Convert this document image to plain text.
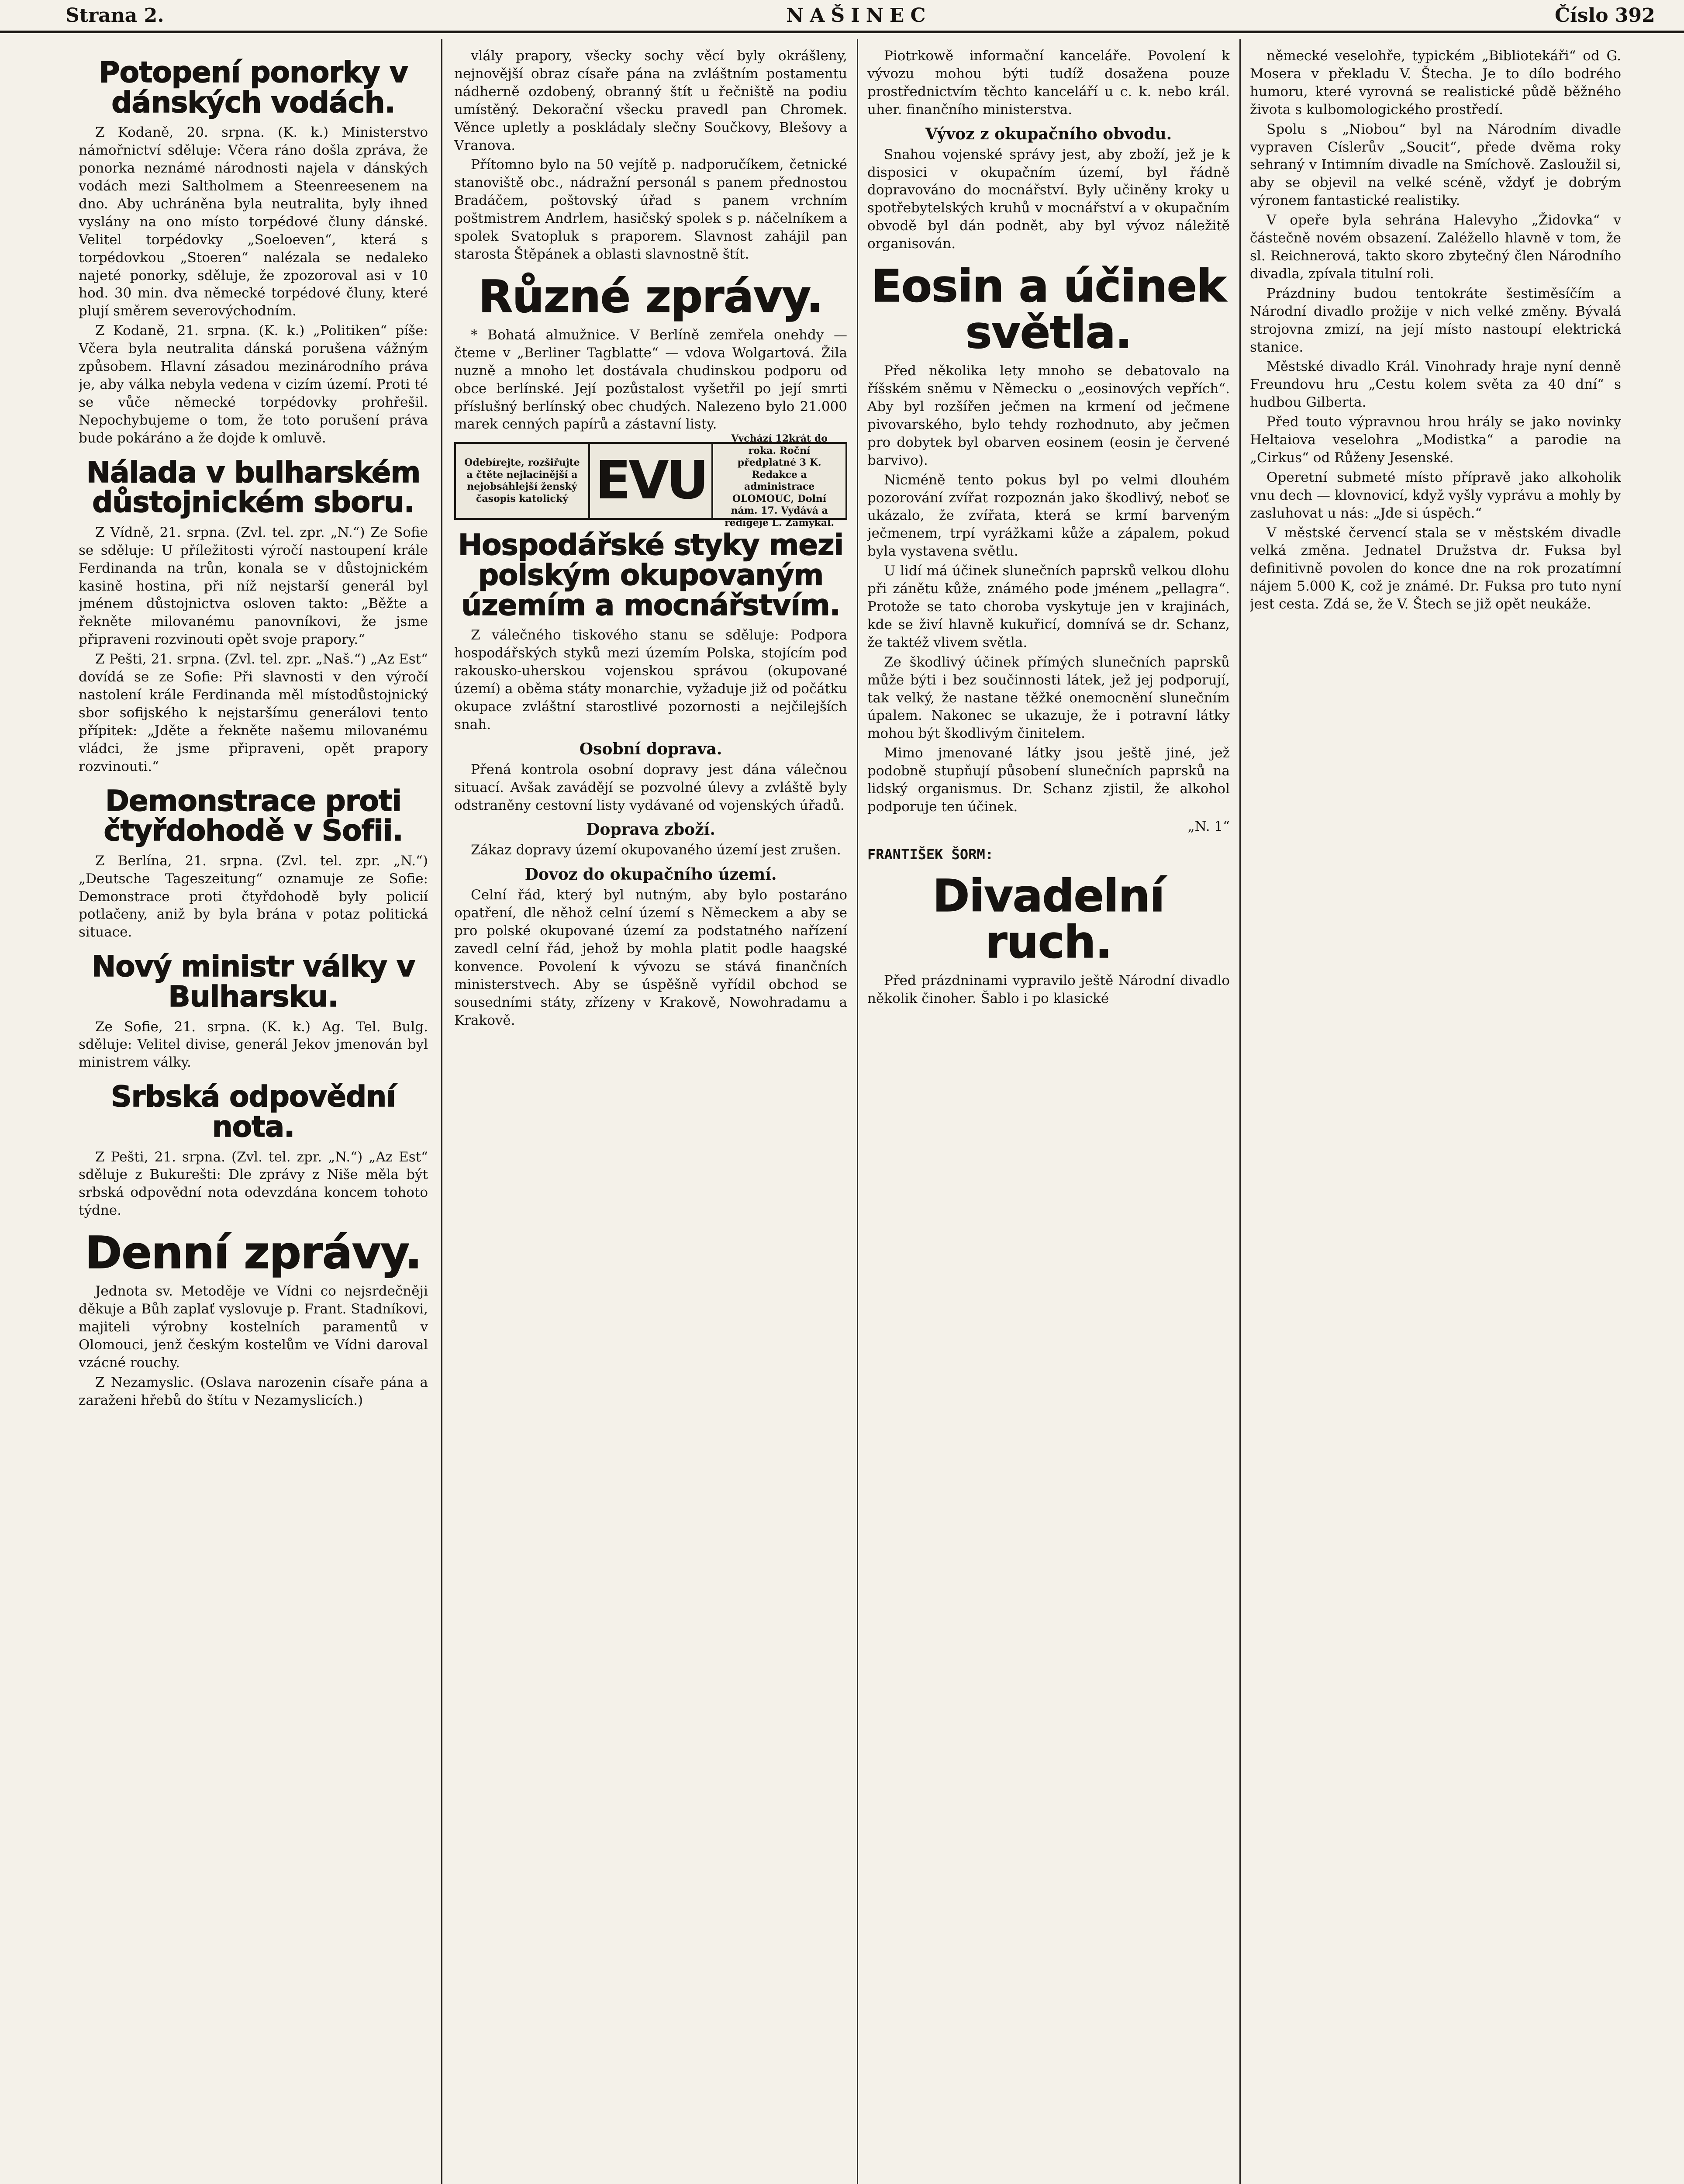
Strana 2.	NAŠINEC	Číslo 392
Potopení ponorky v dánských vodách.

Z Kodaně, 20. srpna. (K. k.) Ministerstvo námořnictví sděluje: Včera ráno došla zpráva, že ponorka neznámé národnosti najela v dánských vodách mezi Saltholmem a Steenreesenem na dno. Aby uchráněna byla neutralita, byly ihned vyslány na ono místo torpédové čluny dánské. Velitel torpédovky „Soeloeven“, která s torpédovkou „Stoeren“ nalézala se nedaleko najeté ponorky, sděluje, že zpozoroval asi v 10 hod. 30 min. dva německé torpédové čluny, které plují směrem severovýchodním.

Z Kodaně, 21. srpna. (K. k.) „Politiken“ píše: Včera byla neutralita dánská porušena vážným způsobem. Hlavní zásadou mezinárodního práva je, aby válka nebyla vedena v cizím území. Proti té se vůče německé torpédovky prohřešil. Nepochybujeme o tom, že toto porušení práva bude pokáráno a že dojde k omluvě.

Nálada v bulharském důstojnickém sboru.

Z Vídně, 21. srpna. (Zvl. tel. zpr. „N.“) Ze Sofie se sděluje: U příležitosti výročí nastoupení krále Ferdinanda na trůn, konala se v důstojnickém kasině hostina, při níž nejstarší generál byl jménem důstojnictva osloven takto: „Běžte a řekněte milovanému panovníkovi, že jsme připraveni rozvinouti opět svoje prapory.“

Z Pešti, 21. srpna. (Zvl. tel. zpr. „Naš.“) „Az Est“ dovídá se ze Sofie: Při slavnosti v den výročí nastolení krále Ferdinanda měl místodůstojnický sbor sofijského k nejstaršímu generálovi tento přípitek: „Jděte a řekněte našemu milovanému vládci, že jsme připraveni, opět prapory rozvinouti.“

Demonstrace proti čtyřdohodě v Sofii.

Z Berlína, 21. srpna. (Zvl. tel. zpr. „N.“) „Deutsche Tageszeitung“ oznamuje ze Sofie: Demonstrace proti čtyřdohodě byly policií potlačeny, aniž by byla brána v potaz politická situace.

Nový ministr války v Bulharsku.

Ze Sofie, 21. srpna. (K. k.) Ag. Tel. Bulg. sděluje: Velitel divise, generál Jekov jmenován byl ministrem války.

Srbská odpovědní nota.

Z Pešti, 21. srpna. (Zvl. tel. zpr. „N.“) „Az Est“ sděluje z Bukurešti: Dle zprávy z Niše měla být srbská odpovědní nota odevzdána koncem tohoto týdne.

Denní zprávy.

Jednota sv. Metoděje ve Vídni co nejsrdečněji děkuje a Bůh zaplať vyslovuje p. Frant. Stadníkovi, majiteli výrobny kostelních paramentů v Olomouci, jenž českým kostelům ve Vídni daroval vzácné rouchy.

Z Nezamyslic. (Oslava narozenin císaře pána a zaraženi hřebů do štítu v Nezamyslicích.)

vlály prapory, všecky sochy věcí byly okrášleny, nejnovější obraz císaře pána na zvláštním postamentu nádherně ozdobený, obranný štít u řečniště na podiu umístěný. Dekorační všecku pravedl pan Chromek. Věnce upletly a poskládaly slečny Součkovy, Blešovy a Vranova.

Přítomno bylo na 50 vejítě p. nadporučíkem, četnické stanoviště obc., nádražní personál s panem přednostou Bradáčem, poštovský úřad s panem vrchním poštmistrem Andrlem, hasičský spolek s p. náčelníkem a spolek Svatopluk s praporem. Slavnost zahájil pan starosta Štěpánek a oblasti slavnostně štít.

Různé zprávy.

* Bohatá almužnice. V Berlíně zemřela onehdy — čteme v „Berliner Tagblatte“ — vdova Wolgartová. Žila nuzně a mnoho let dostávala chudinskou podporu od obce berlínské. Její pozůstalost vyšetřil po její smrti příslušný berlínský obec chudých. Nalezeno bylo 21.000 marek cenných papírů a zástavní listy.

Odebírejte, rozšiřujte a čtěte nejlacinější a nejobsáhlejší ženský časopis katolický EVU
Vychází 12krát do roka. Roční předplatné 3 K. Redakce a administrace OLOMOUC, Dolní nám. 17. Vydává a redigeje L. Zamykal.
Hospodářské styky mezi polským okupovaným územím a mocnářstvím.

Z válečného tiskového stanu se sděluje: Podpora hospodářských styků mezi územím Polska, stojícím pod rakousko-uherskou vojenskou správou (okupované území) a oběma státy monarchie, vyžaduje již od počátku okupace zvláštní starostlivé pozornosti a nejčilejších snah.

Osobní doprava.

Přená kontrola osobní dopravy jest dána válečnou situací. Avšak zavádějí se pozvolné úlevy a zvláště byly odstraněny cestovní listy vydávané od vojenských úřadů.

Doprava zboží.

Zákaz dopravy území okupovaného území jest zrušen.

Dovoz do okupačního území.

Celní řád, který byl nutným, aby bylo postaráno opatření, dle něhož celní území s Německem a aby se pro polské okupované území za podstatného nařízení zavedl celní řád, jehož by mohla platit podle haagské konvence. Povolení k vývozu se stává finančních ministerstvech. Aby se úspěšně vyřídil obchod se sousedními státy, zřízeny v Krakově, Nowohradamu a Krakově.

Piotrkowě informační kanceláře. Povolení k vývozu mohou býti tudíž dosažena pouze prostřednictvím těchto kanceláří u c. k. nebo král. uher. finančního ministerstva.

Vývoz z okupačního obvodu.

Snahou vojenské správy jest, aby zboží, jež je k disposici v okupačním území, byl řádně dopravováno do mocnářství. Byly učiněny kroky u spotřebytelských kruhů v mocnářství a v okupačním obvodě byl dán podnět, aby byl vývoz náležitě organisován.

Eosin a účinek světla.

Před několika lety mnoho se debatovalo na říšském sněmu v Německu o „eosinových vepřích“. Aby byl rozšířen ječmen na krmení od ječmene pivovarského, bylo tehdy rozhodnuto, aby ječmen pro dobytek byl obarven eosinem (eosin je červené barvivo).

Nicméně tento pokus byl po velmi dlouhém pozorování zvířat rozpoznán jako škodlivý, neboť se ukázalo, že zvířata, která se krmí barveným ječmenem, trpí vyrážkami kůže a zápalem, pokud byla vystavena světlu.

U lidí má účinek slunečních paprsků velkou dlohu při zánětu kůže, známého pode jménem „pellagra“. Protože se tato choroba vyskytuje jen v krajinách, kde se živí hlavně kukuřicí, domnívá se dr. Schanz, že taktéž vlivem světla.

Ze škodlivý účinek přímých slunečních paprsků může býti i bez součinnosti látek, jež jej podporují, tak velký, že nastane těžké onemocnění slunečním úpalem. Nakonec se ukazuje, že i potravní látky mohou být škodlivým činitelem.

Mimo jmenované látky jsou ještě jiné, jež podobně stupňují působení slunečních paprsků na lidský organismus. Dr. Schanz zjistil, že alkohol podporuje ten účinek.

„N. 1“

FRANTIŠEK ŠORM:
Divadelní ruch.

Před prázdninami vypravilo ještě Národní divadlo několik činoher. Šablo i po klasické

německé veselohře, typickém „Bibliotekáři“ od G. Mosera v překladu V. Štecha. Je to dílo bodrého humoru, které vyrovná se realistické půdě běžného života s kulbomologického prostředí.

Spolu s „Niobou“ byl na Národním divadle vypraven Císlerův „Soucit“, přede dvěma roky sehraný v Intimním divadle na Smíchově. Zasloužil si, aby se objevil na velké scéně, vždyť je dobrým výronem fantastické realistiky.

V opeře byla sehrána Halevyho „Židovka“ v částečně novém obsazení. Zaléžello hlavně v tom, že sl. Reichnerová, takto skoro zbytečný člen Národního divadla, zpívala titulní roli.

Prázdniny budou tentokráte šestiměsíčím a Národní divadlo prožije v nich velké změny. Bývalá strojovna zmizí, na její místo nastoupí elektrická stanice.

Městské divadlo Král. Vinohrady hraje nyní denně Freundovu hru „Cestu kolem světa za 40 dní“ s hudbou Gilberta.

Před touto výpravnou hrou hrály se jako novinky Heltaiova veselohra „Modistka“ a parodie na „Cirkus“ od Růženy Jesenské.

Operetní submeté místo přípravě jako alkoholik vnu dech — klovnovicí, když vyšly vyprávu a mohly by zasluhovat u nás: „Jde si úspěch.“

V městské červencí stala se v městském divadle velká změna. Jednatel Družstva dr. Fuksa byl definitivně povolen do konce dne na rok prozatímní nájem 5.000 K, což je známé. Dr. Fuksa pro tuto nyní jest cesta. Zdá se, že V. Štech se již opět neukáže.
